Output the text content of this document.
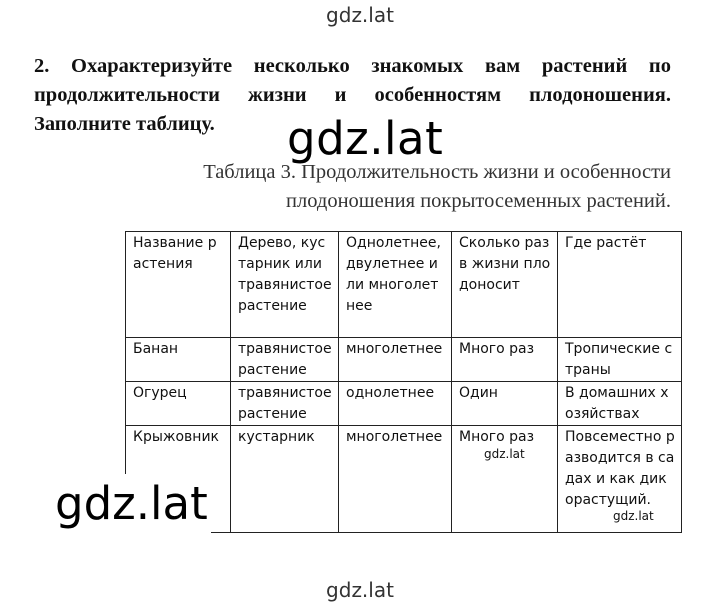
gdz.lat
2. Охарактеризуйте несколько знакомых вам растений по продолжительности жизни и особенностям плодоношения. Заполните таблицу.	gdz.lat
Таблица 3. Продолжительность жизни и особенности
плодоношения покрытосеменных растений.
Название растения	Дерево, кустарник или травянистое растение	Однолетнее, двулетнее или многолетнее	Сколько раз в жизни плодоносит	Где растёт
Банан	травянистое растение	многолетнее	Много раз	Тропические страны
Огурец	травянистое растение	однолетнее	Один	В домашних хозяйствах
Крыжовник	кустарник	многолетнее	Много раз	Повсеместно разводится в садах и как дикорастущий.
gdz.lat
gdz.lat
gdz.lat
gdz.lat
